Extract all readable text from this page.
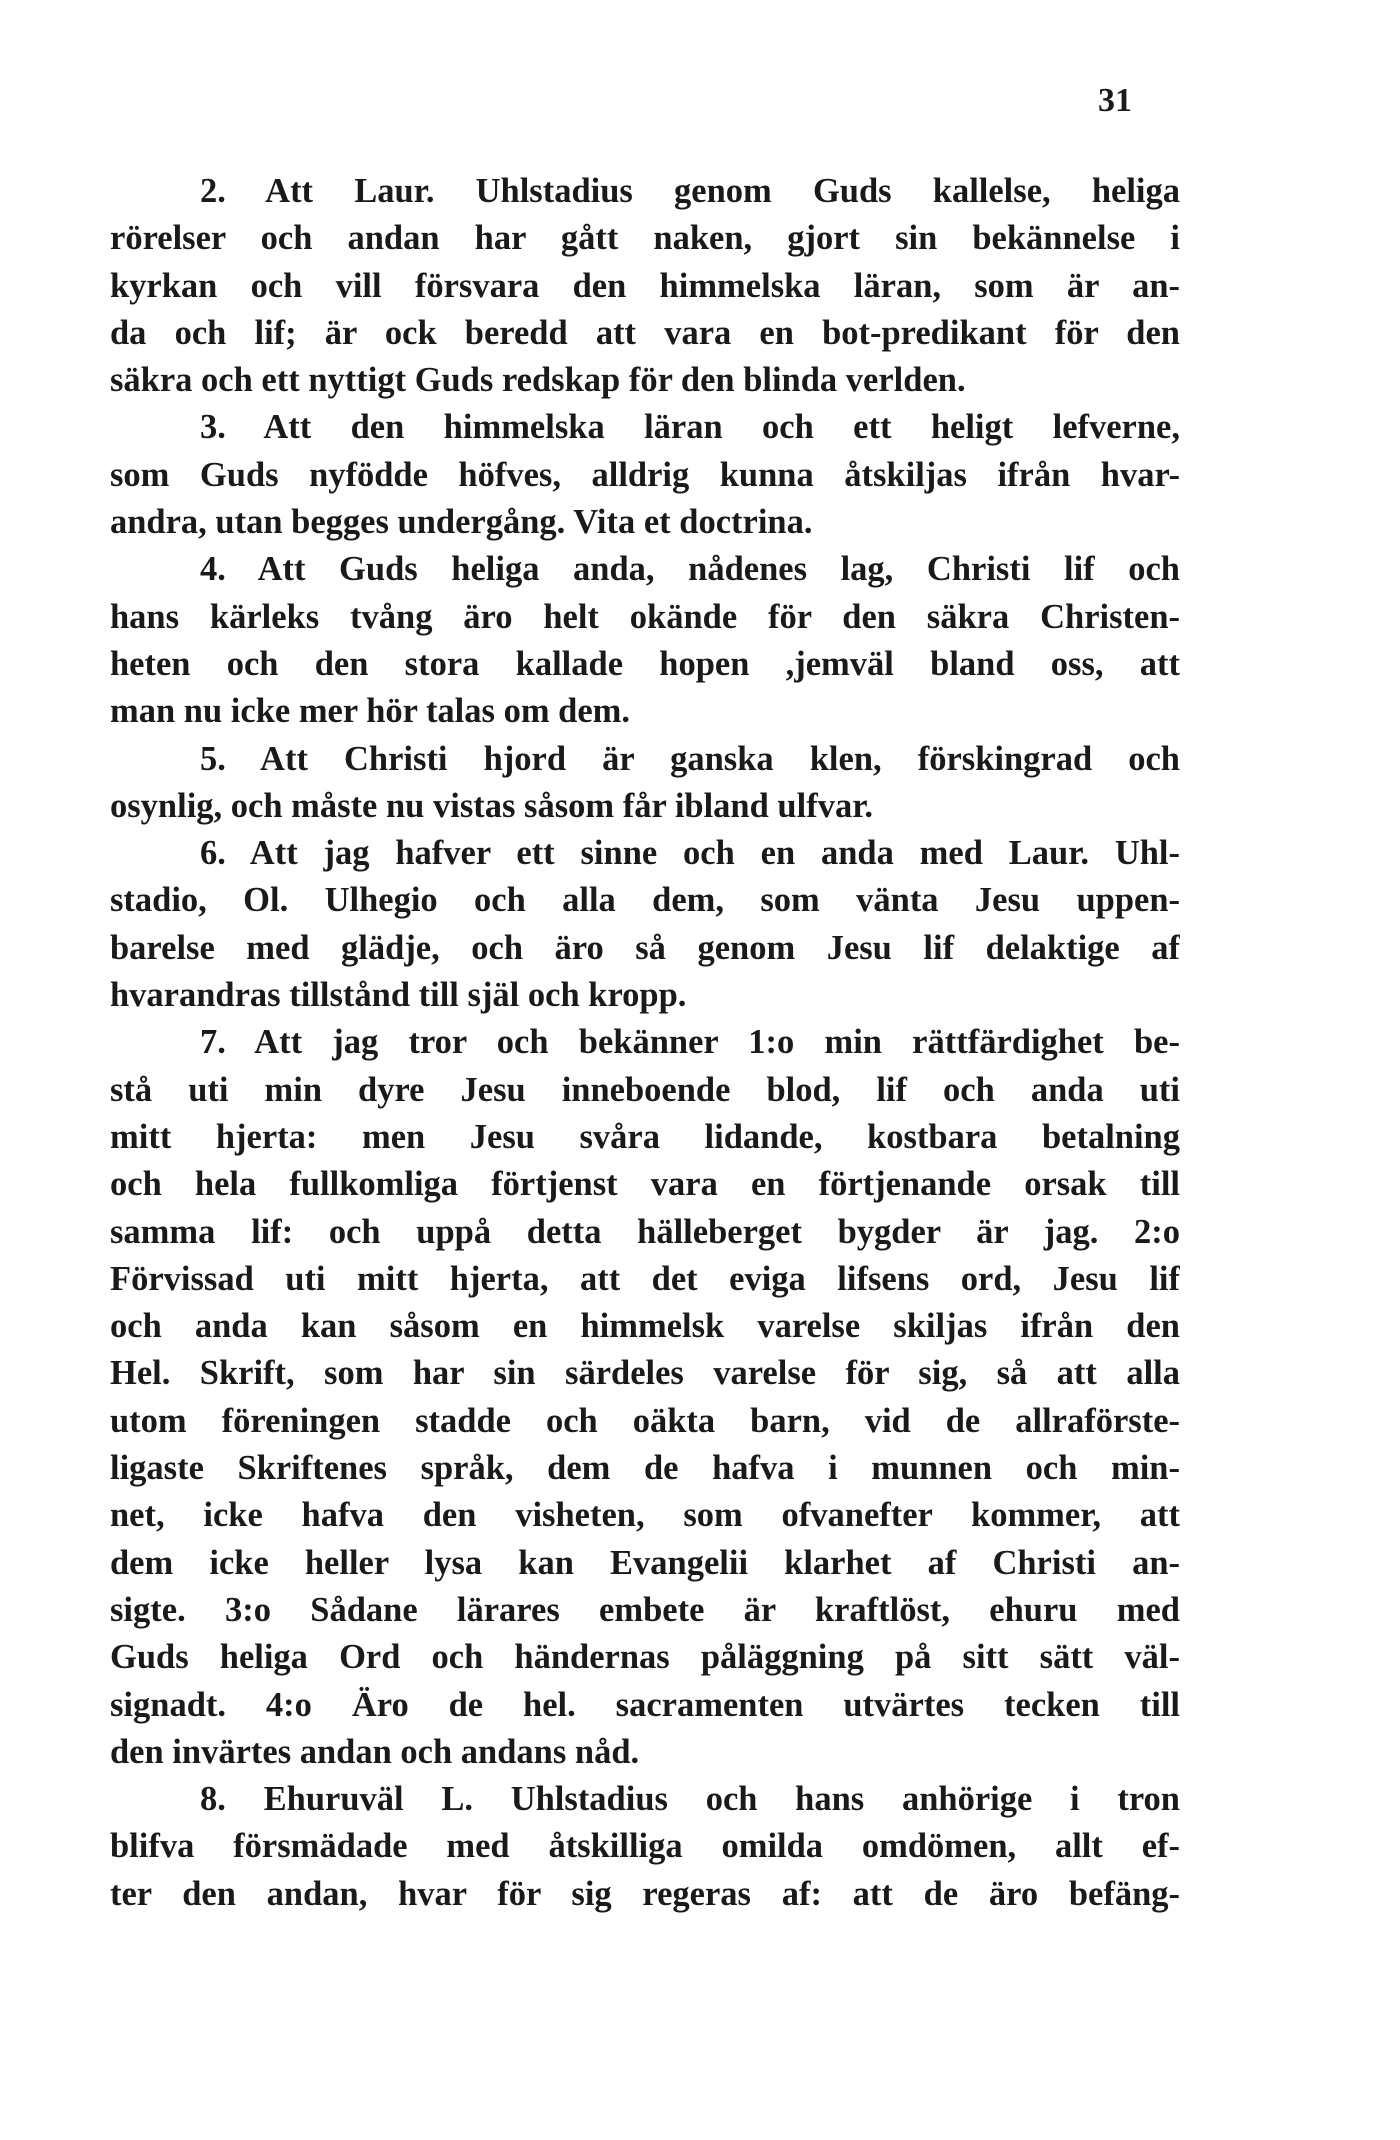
31
2. Att Laur. Uhlstadius genom Guds kallelse, heliga
rörelser och andan har gått naken, gjort sin bekännelse i
kyrkan och vill försvara den himmelska läran, som är an-
da och lif; är ock beredd att vara en bot-predikant för den
säkra och ett nyttigt Guds redskap för den blinda verlden.
3. Att den himmelska läran och ett heligt lefverne,
som Guds nyfödde höfves, alldrig kunna åtskiljas ifrån hvar-
andra, utan begges undergång. Vita et doctrina.
4. Att Guds heliga anda, nådenes lag, Christi lif och
hans kärleks tvång äro helt okände för den säkra Christen-
heten och den stora kallade hopen ,jemväl bland oss, att
man nu icke mer hör talas om dem.
5. Att Christi hjord är ganska klen, förskingrad och
osynlig, och måste nu vistas såsom får ibland ulfvar.
6. Att jag hafver ett sinne och en anda med Laur. Uhl-
stadio, Ol. Ulhegio och alla dem, som vänta Jesu uppen-
barelse med glädje, och äro så genom Jesu lif delaktige af
hvarandras tillstånd till själ och kropp.
7. Att jag tror och bekänner 1:o min rättfärdighet be-
stå uti min dyre Jesu inneboende blod, lif och anda uti
mitt hjerta: men Jesu svåra lidande, kostbara betalning
och hela fullkomliga förtjenst vara en förtjenande orsak till
samma lif: och uppå detta hälleberget bygder är jag. 2:o
Förvissad uti mitt hjerta, att det eviga lifsens ord, Jesu lif
och anda kan såsom en himmelsk varelse skiljas ifrån den
Hel. Skrift, som har sin särdeles varelse för sig, så att alla
utom föreningen stadde och oäkta barn, vid de allraförste-
ligaste Skriftenes språk, dem de hafva i munnen och min-
net, icke hafva den visheten, som ofvanefter kommer, att
dem icke heller lysa kan Evangelii klarhet af Christi an-
sigte. 3:o Sådane lärares embete är kraftlöst, ehuru med
Guds heliga Ord och händernas påläggning på sitt sätt väl-
signadt. 4:o Äro de hel. sacramenten utvärtes tecken till
den invärtes andan och andans nåd.
8. Ehuruväl L. Uhlstadius och hans anhörige i tron
blifva försmädade med åtskilliga omilda omdömen, allt ef-
ter den andan, hvar för sig regeras af: att de äro befäng-
